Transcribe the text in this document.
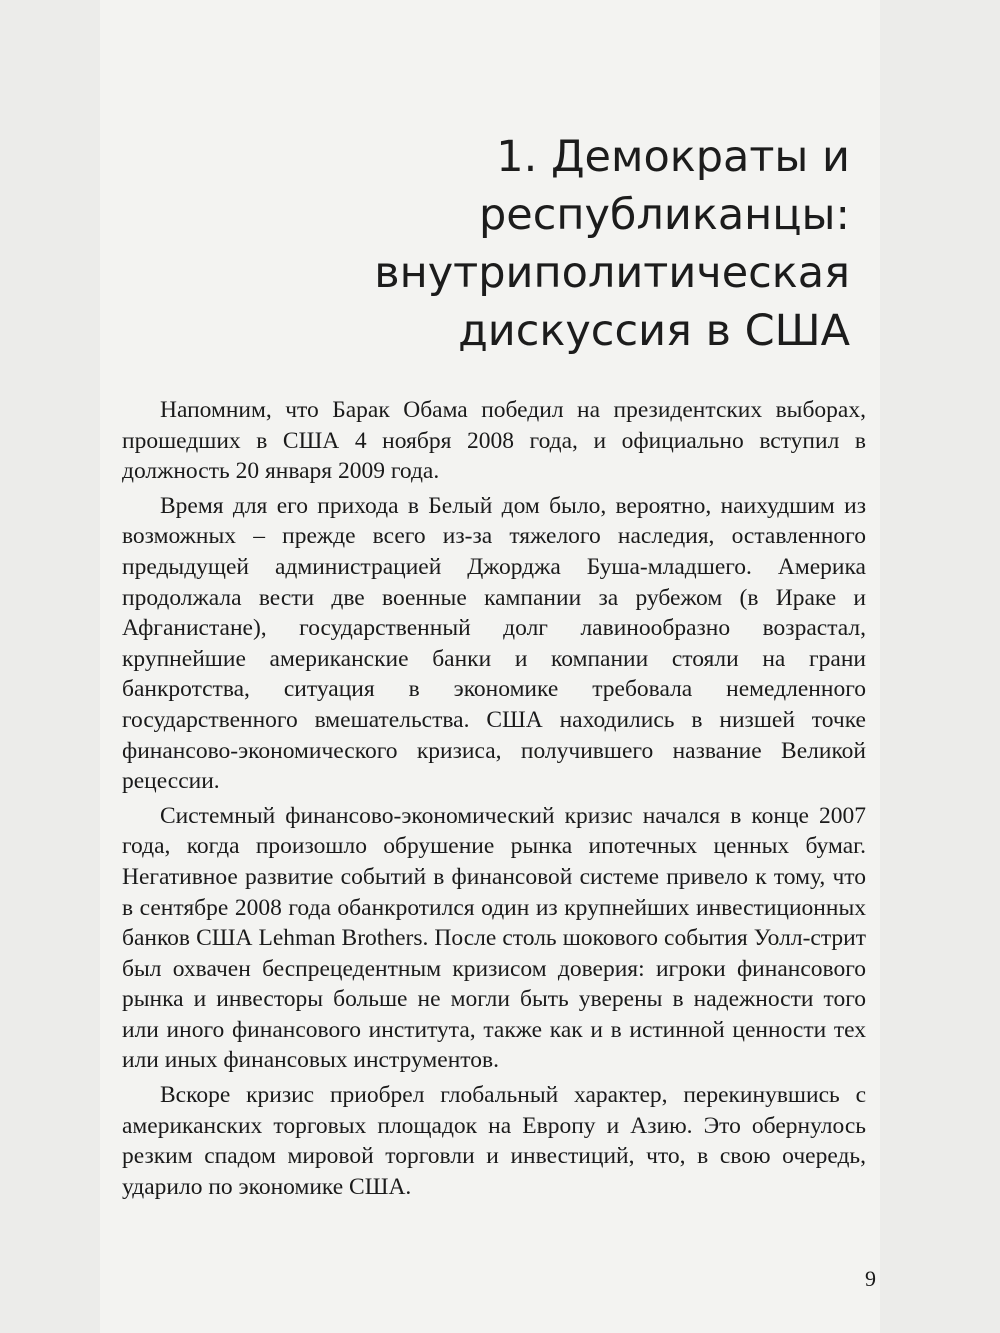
1. Демократы и
республиканцы:
внутриполитическая
дискуссия в США

Напомним, что Барак Обама победил на президентских выборах, прошедших в США 4 ноября 2008 года, и официально вступил в должность 20 января 2009 года.

Время для его прихода в Белый дом было, вероятно, наихудшим из возможных – прежде всего из-за тяжелого наследия, оставленного предыдущей администрацией Джорджа Буша-младшего. Америка продолжала вести две военные кампании за рубежом (в Ираке и Афганистане), государственный долг лавинообразно возрастал, крупнейшие американские банки и компании стояли на грани банкротства, ситуация в экономике требовала немедленного государственного вмешательства. США находились в низшей точке финансово-экономического кризиса, получившего название Великой рецессии.

Системный финансово-экономический кризис начался в конце 2007 года, когда произошло обрушение рынка ипотечных ценных бумаг. Негативное развитие событий в финансовой системе привело к тому, что в сентябре 2008 года обанкротился один из крупнейших инвестиционных банков США Lehman Brothers. После столь шокового события Уолл-стрит был охвачен беспрецедентным кризисом доверия: игроки финансового рынка и инвесторы больше не могли быть уверены в надежности того или иного финансового института, также как и в истинной ценности тех или иных финансовых инструментов.

Вскоре кризис приобрел глобальный характер, перекинувшись с американских торговых площадок на Европу и Азию. Это обернулось резким спадом мировой торговли и инвестиций, что, в свою очередь, ударило по экономике США.

9
